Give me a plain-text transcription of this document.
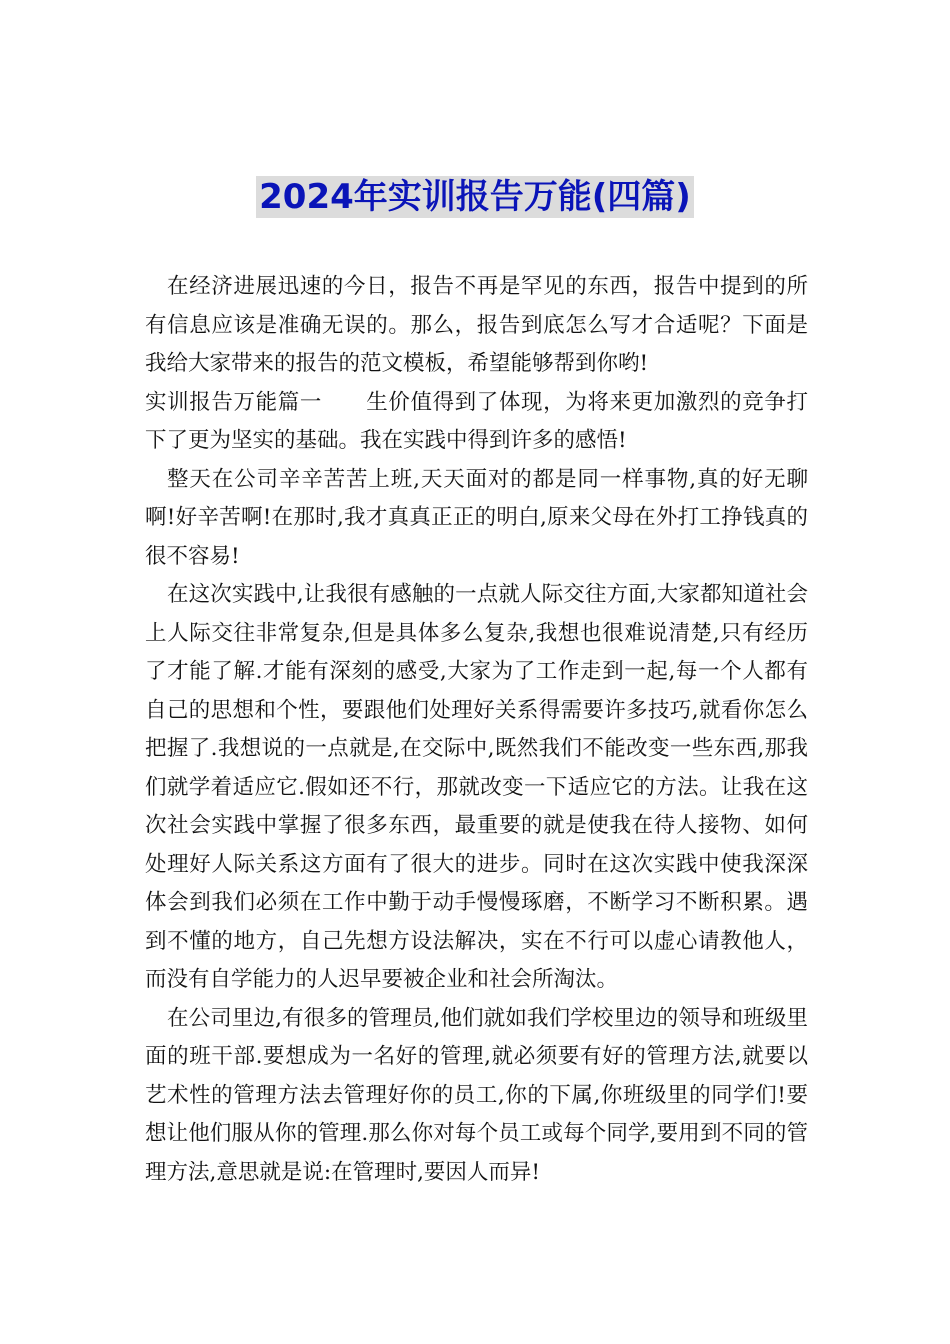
2024年实训报告万能(四篇)

在经济进展迅速的今日，报告不再是罕见的东西，报告中提到的所有信息应该是准确无误的。那么，报告到底怎么写才合适呢？下面是我给大家带来的报告的范文模板，希望能够帮到你哟!

实训报告万能篇一　　生价值得到了体现，为将来更加激烈的竞争打下了更为坚实的基础。我在实践中得到许多的感悟!

整天在公司辛辛苦苦上班,天天面对的都是同一样事物,真的好无聊啊!好辛苦啊!在那时,我才真真正正的明白,原来父母在外打工挣钱真的很不容易!

在这次实践中,让我很有感触的一点就人际交往方面,大家都知道社会上人际交往非常复杂,但是具体多么复杂,我想也很难说清楚,只有经历了才能了解.才能有深刻的感受,大家为了工作走到一起,每一个人都有自己的思想和个性，要跟他们处理好关系得需要许多技巧,就看你怎么把握了.我想说的一点就是,在交际中,既然我们不能改变一些东西,那我们就学着适应它.假如还不行，那就改变一下适应它的方法。让我在这次社会实践中掌握了很多东西，最重要的就是使我在待人接物、如何处理好人际关系这方面有了很大的进步。同时在这次实践中使我深深体会到我们必须在工作中勤于动手慢慢琢磨，不断学习不断积累。遇到不懂的地方，自己先想方设法解决，实在不行可以虚心请教他人，而没有自学能力的人迟早要被企业和社会所淘汰。

在公司里边,有很多的管理员,他们就如我们学校里边的领导和班级里面的班干部.要想成为一名好的管理,就必须要有好的管理方法,就要以艺术性的管理方法去管理好你的员工,你的下属,你班级里的同学们!要想让他们服从你的管理.那么你对每个员工或每个同学,要用到不同的管理方法,意思就是说:在管理时,要因人而异!
